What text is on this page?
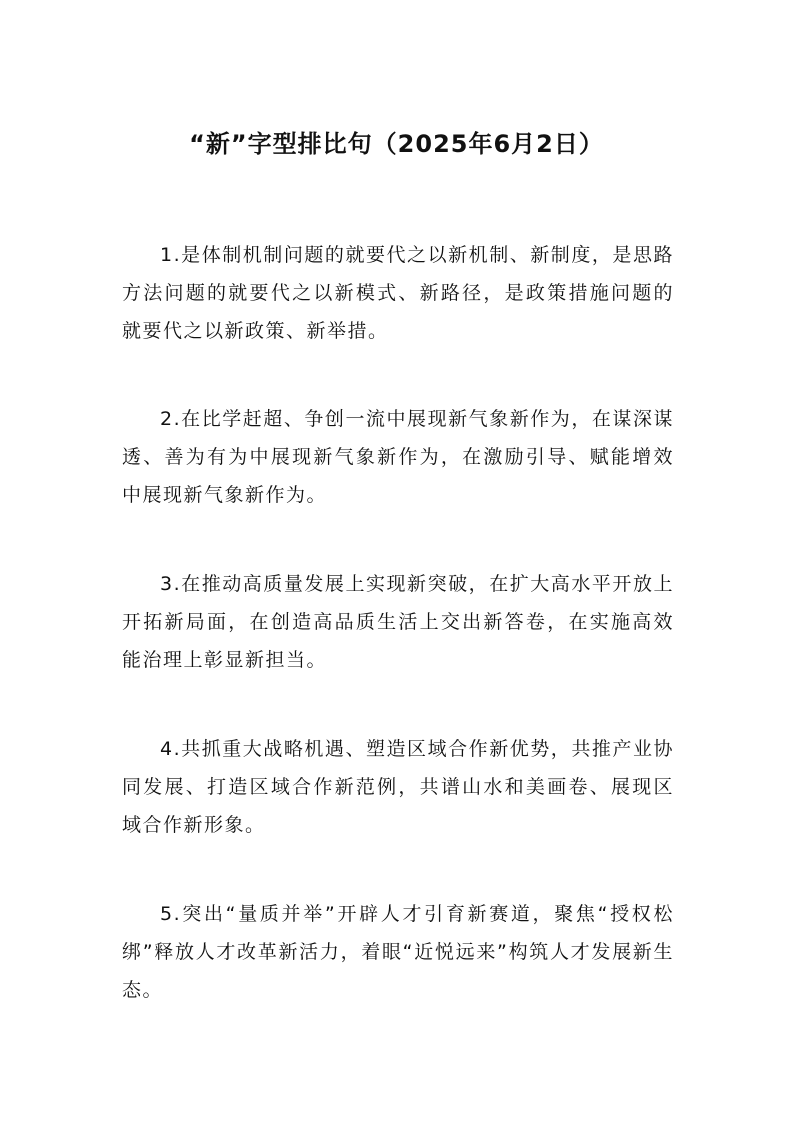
“新”字型排比句（2025年6月2日）
1.是体制机制问题的就要代之以新机制、新制度，是思路方法问题的就要代之以新模式、新路径，是政策措施问题的就要代之以新政策、新举措。
2.在比学赶超、争创一流中展现新气象新作为，在谋深谋透、善为有为中展现新气象新作为，在激励引导、赋能增效中展现新气象新作为。
3.在推动高质量发展上实现新突破，在扩大高水平开放上开拓新局面，在创造高品质生活上交出新答卷，在实施高效能治理上彰显新担当。
4.共抓重大战略机遇、塑造区域合作新优势，共推产业协同发展、打造区域合作新范例，共谱山水和美画卷、展现区域合作新形象。
5.突出“量质并举”开辟人才引育新赛道，聚焦“授权松绑”释放人才改革新活力，着眼“近悦远来”构筑人才发展新生态。
